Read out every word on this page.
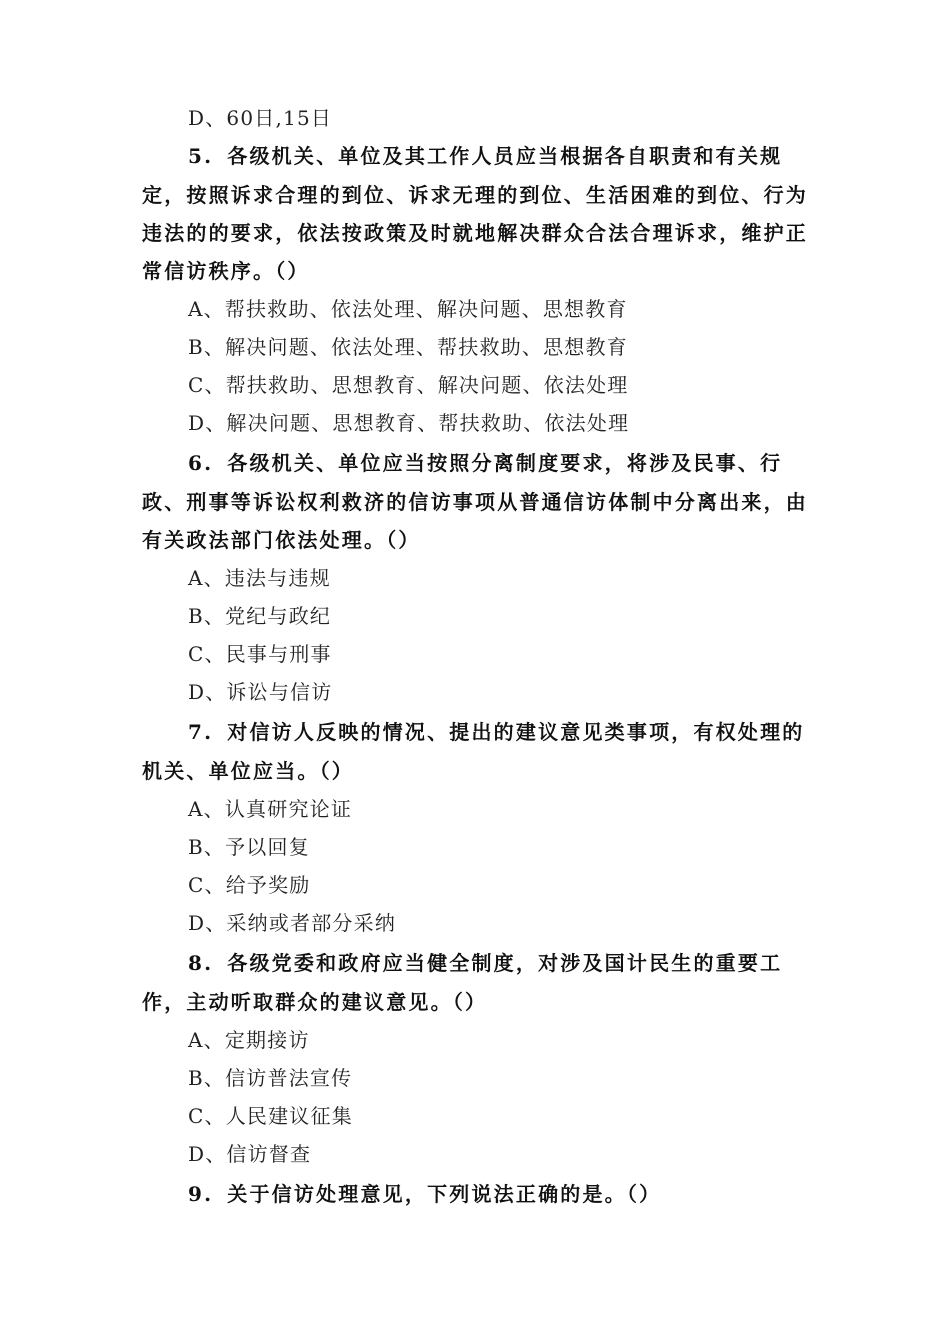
D、60日,15日
5. 各级机关、单位及其工作人员应当根据各自职责和有关规
定，按照诉求合理的到位、诉求无理的到位、生活困难的到位、行为
违法的的要求，依法按政策及时就地解决群众合法合理诉求，维护正
常信访秩序。（）
A、帮扶救助、依法处理、解决问题、思想教育
B、解决问题、依法处理、帮扶救助、思想教育
C、帮扶救助、思想教育、解决问题、依法处理
D、解决问题、思想教育、帮扶救助、依法处理
6. 各级机关、单位应当按照分离制度要求，将涉及民事、行
政、刑事等诉讼权利救济的信访事项从普通信访体制中分离出来，由
有关政法部门依法处理。（）
A、违法与违规
B、党纪与政纪
C、民事与刑事
D、诉讼与信访
7. 对信访人反映的情况、提出的建议意见类事项，有权处理的
机关、单位应当。（）
A、认真研究论证
B、予以回复
C、给予奖励
D、采纳或者部分采纳
8. 各级党委和政府应当健全制度，对涉及国计民生的重要工
作，主动听取群众的建议意见。（）
A、定期接访
B、信访普法宣传
C、人民建议征集
D、信访督查
9. 关于信访处理意见，下列说法正确的是。（）
